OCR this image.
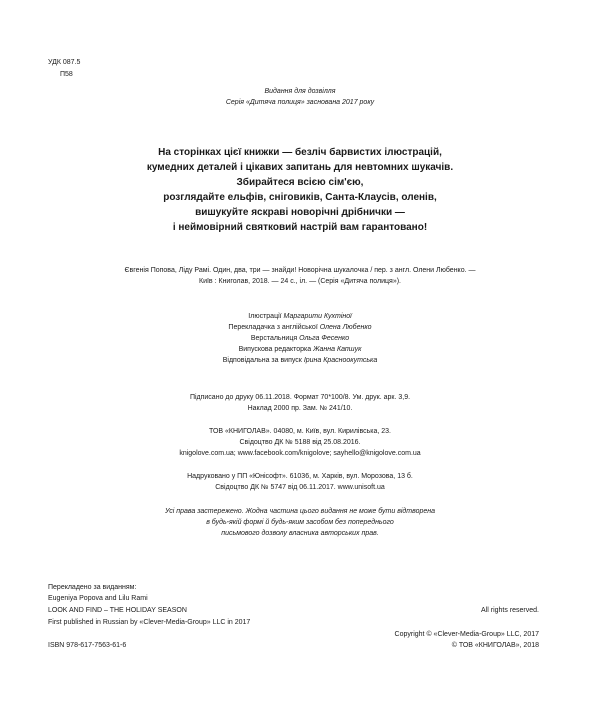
УДК 087.5
П58
Видання для дозвілля
Серія «Дитяча полиця» заснована 2017 року
На сторінках цієї книжки — безліч барвистих ілюстрацій,
кумедних деталей і цікавих запитань для невтомних шукачів.
Збирайтеся всією сім'єю,
розглядайте ельфів, сніговиків, Санта-Клаусів, оленів,
вишукуйте яскраві новорічні дрібнички —
і неймовірний святковий настрій вам гарантовано!
Євгенія Попова, Ліду Рамі. Один, два, три — знайди! Новорічна шукалочка / пер. з англ. Олени Любенко. —
Київ : Книголав, 2018. — 24 с., іл. — (Серія «Дитяча полиця»).
Ілюстрації Маргарити Кухтіної
Перекладачка з англійської Олена Любенко
Верстальниця Ольга Фесенко
Випускова редакторка Жанна Капшук
Відповідальна за випуск Ірина Красноокутська
Підписано до друку 06.11.2018. Формат 70*100/8. Ум. друк. арк. 3,9.
Наклад 2000 пр. Зам. № 241/10.
ТОВ «КНИГОЛАВ». 04080, м. Київ, вул. Кирилівська, 23.
Свідоцтво ДК № 5188 від 25.08.2016.
knigolove.com.ua; www.facebook.com/knigolove; sayhello@knigolove.com.ua
Надруковано у ПП «Юнісофт». 61036, м. Харків, вул. Морозова, 13 б.
Свідоцтво ДК № 5747 від 06.11.2017. www.unisoft.ua
Усі права застережено. Жодна частина цього видання не може бути відтворена
в будь-якій формі й будь-яким засобом без попереднього
письмового дозволу власника авторських прав.
Перекладено за виданням:
Eugeniya Popova and Lilu Rami
LOOK AND FIND – THE HOLIDAY SEASON
First published in Russian by «Clever-Media-Group» LLC in 2017
ISBN 978-617-7563-61-6
All rights reserved.
Copyright © «Clever-Media-Group» LLC, 2017
© ТОВ «КНИГОЛАВ», 2018
